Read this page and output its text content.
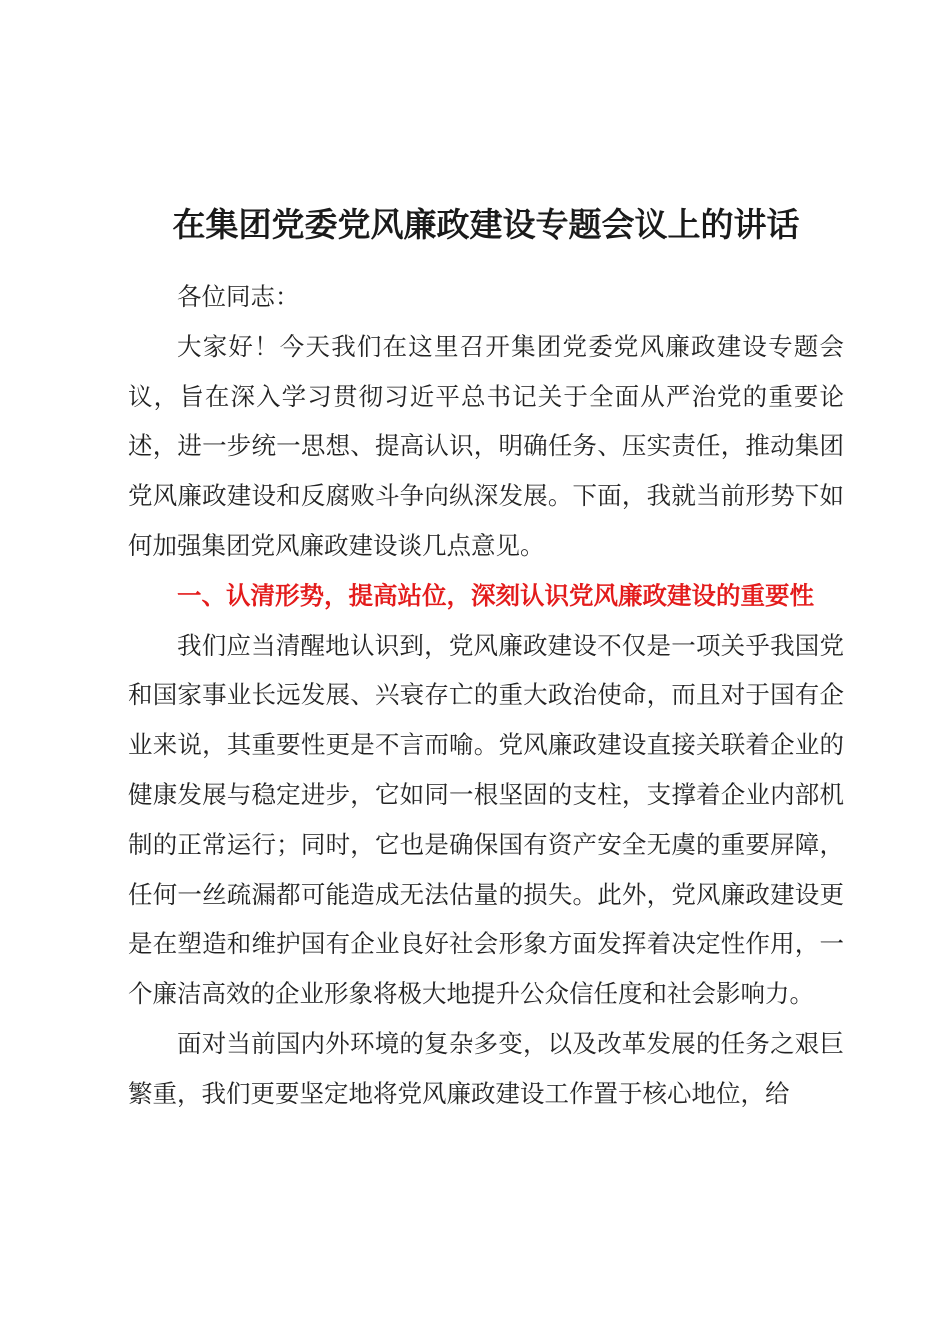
在集团党委党风廉政建设专题会议上的讲话

各位同志：

大家好！今天我们在这里召开集团党委党风廉政建设专题会议，旨在深入学习贯彻习近平总书记关于全面从严治党的重要论述，进一步统一思想、提高认识，明确任务、压实责任，推动集团党风廉政建设和反腐败斗争向纵深发展。下面，我就当前形势下如何加强集团党风廉政建设谈几点意见。

一、认清形势，提高站位，深刻认识党风廉政建设的重要性

我们应当清醒地认识到，党风廉政建设不仅是一项关乎我国党和国家事业长远发展、兴衰存亡的重大政治使命，而且对于国有企业来说，其重要性更是不言而喻。党风廉政建设直接关联着企业的健康发展与稳定进步，它如同一根坚固的支柱，支撑着企业内部机制的正常运行；同时，它也是确保国有资产安全无虞的重要屏障，任何一丝疏漏都可能造成无法估量的损失。此外，党风廉政建设更是在塑造和维护国有企业良好社会形象方面发挥着决定性作用，一个廉洁高效的企业形象将极大地提升公众信任度和社会影响力。

面对当前国内外环境的复杂多变，以及改革发展的任务之艰巨繁重，我们更要坚定地将党风廉政建设工作置于核心地位，给
